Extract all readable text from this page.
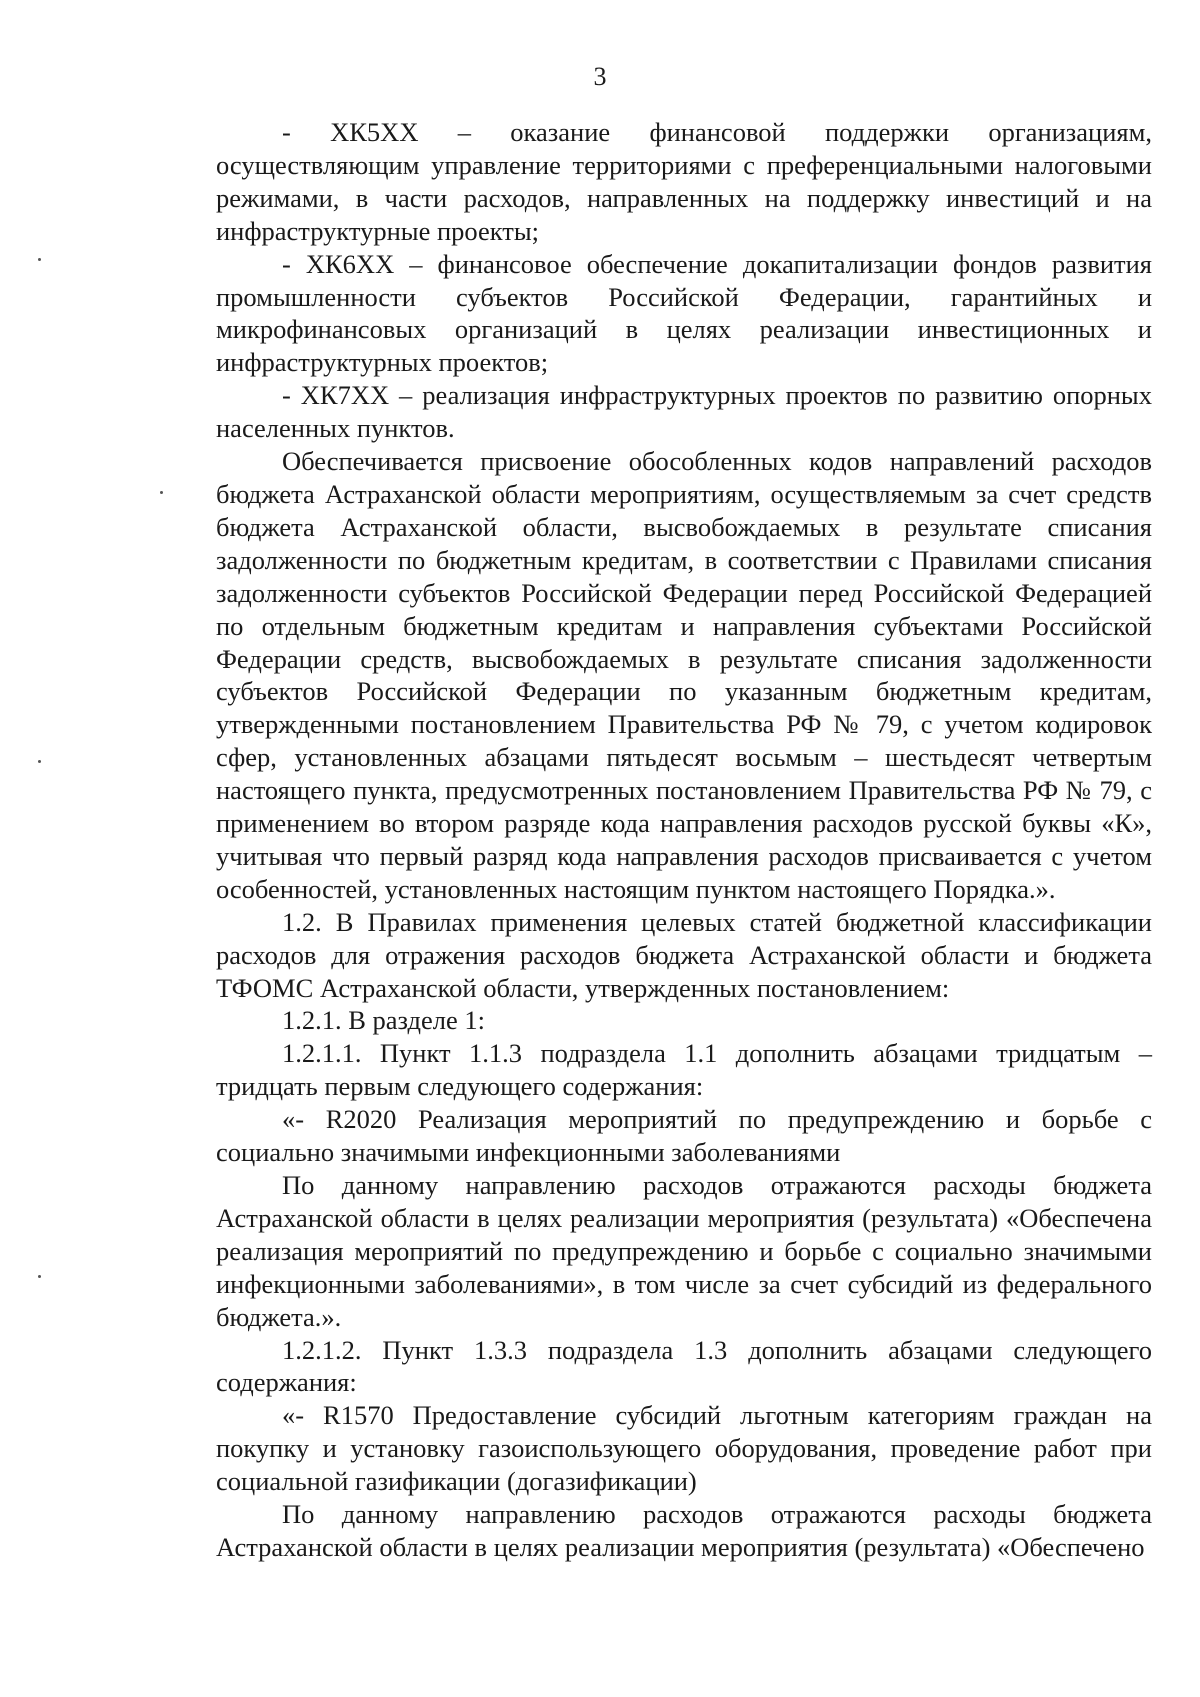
3

- ХК5ХХ – оказание финансовой поддержки организациям, осуществляющим управление территориями с преференциальными налоговыми режимами, в части расходов, направленных на поддержку инвестиций и на инфраструктурные проекты;

- ХК6ХХ – финансовое обеспечение докапитализации фондов развития промышленности субъектов Российской Федерации, гарантийных и микрофинансовых организаций в целях реализации инвестиционных и инфраструктурных проектов;

- ХК7ХХ – реализация инфраструктурных проектов по развитию опорных населенных пунктов.

Обеспечивается присвоение обособленных кодов направлений расходов бюджета Астраханской области мероприятиям, осуществляемым за счет средств бюджета Астраханской области, высвобождаемых в результате списания задолженности по бюджетным кредитам, в соответствии с Правилами списания задолженности субъектов Российской Федерации перед Российской Федерацией по отдельным бюджетным кредитам и направления субъектами Российской Федерации средств, высвобождаемых в результате списания задолженности субъектов Российской Федерации по указанным бюджетным кредитам, утвержденными постановлением Правительства РФ № 79, с учетом кодировок сфер, установленных абзацами пятьдесят восьмым – шестьдесят четвертым настоящего пункта, предусмотренных постановлением Правительства РФ № 79, с применением во втором разряде кода направления расходов русской буквы «К», учитывая что первый разряд кода направления расходов присваивается с учетом особенностей, установленных настоящим пунктом настоящего Порядка.».

1.2. В Правилах применения целевых статей бюджетной классификации расходов для отражения расходов бюджета Астраханской области и бюджета ТФОМС Астраханской области, утвержденных постановлением:

1.2.1. В разделе 1:

1.2.1.1. Пункт 1.1.3 подраздела 1.1 дополнить абзацами тридцатым – тридцать первым следующего содержания:

«- R2020 Реализация мероприятий по предупреждению и борьбе с социально значимыми инфекционными заболеваниями

По данному направлению расходов отражаются расходы бюджета Астраханской области в целях реализации мероприятия (результата) «Обеспечена реализация мероприятий по предупреждению и борьбе с социально значимыми инфекционными заболеваниями», в том числе за счет субсидий из федерального бюджета.».

1.2.1.2. Пункт 1.3.3 подраздела 1.3 дополнить абзацами следующего содержания:

«- R1570 Предоставление субсидий льготным категориям граждан на покупку и установку газоиспользующего оборудования, проведение работ при социальной газификации (догазификации)

По данному направлению расходов отражаются расходы бюджета Астраханской области в целях реализации мероприятия (результата) «Обеспечено
